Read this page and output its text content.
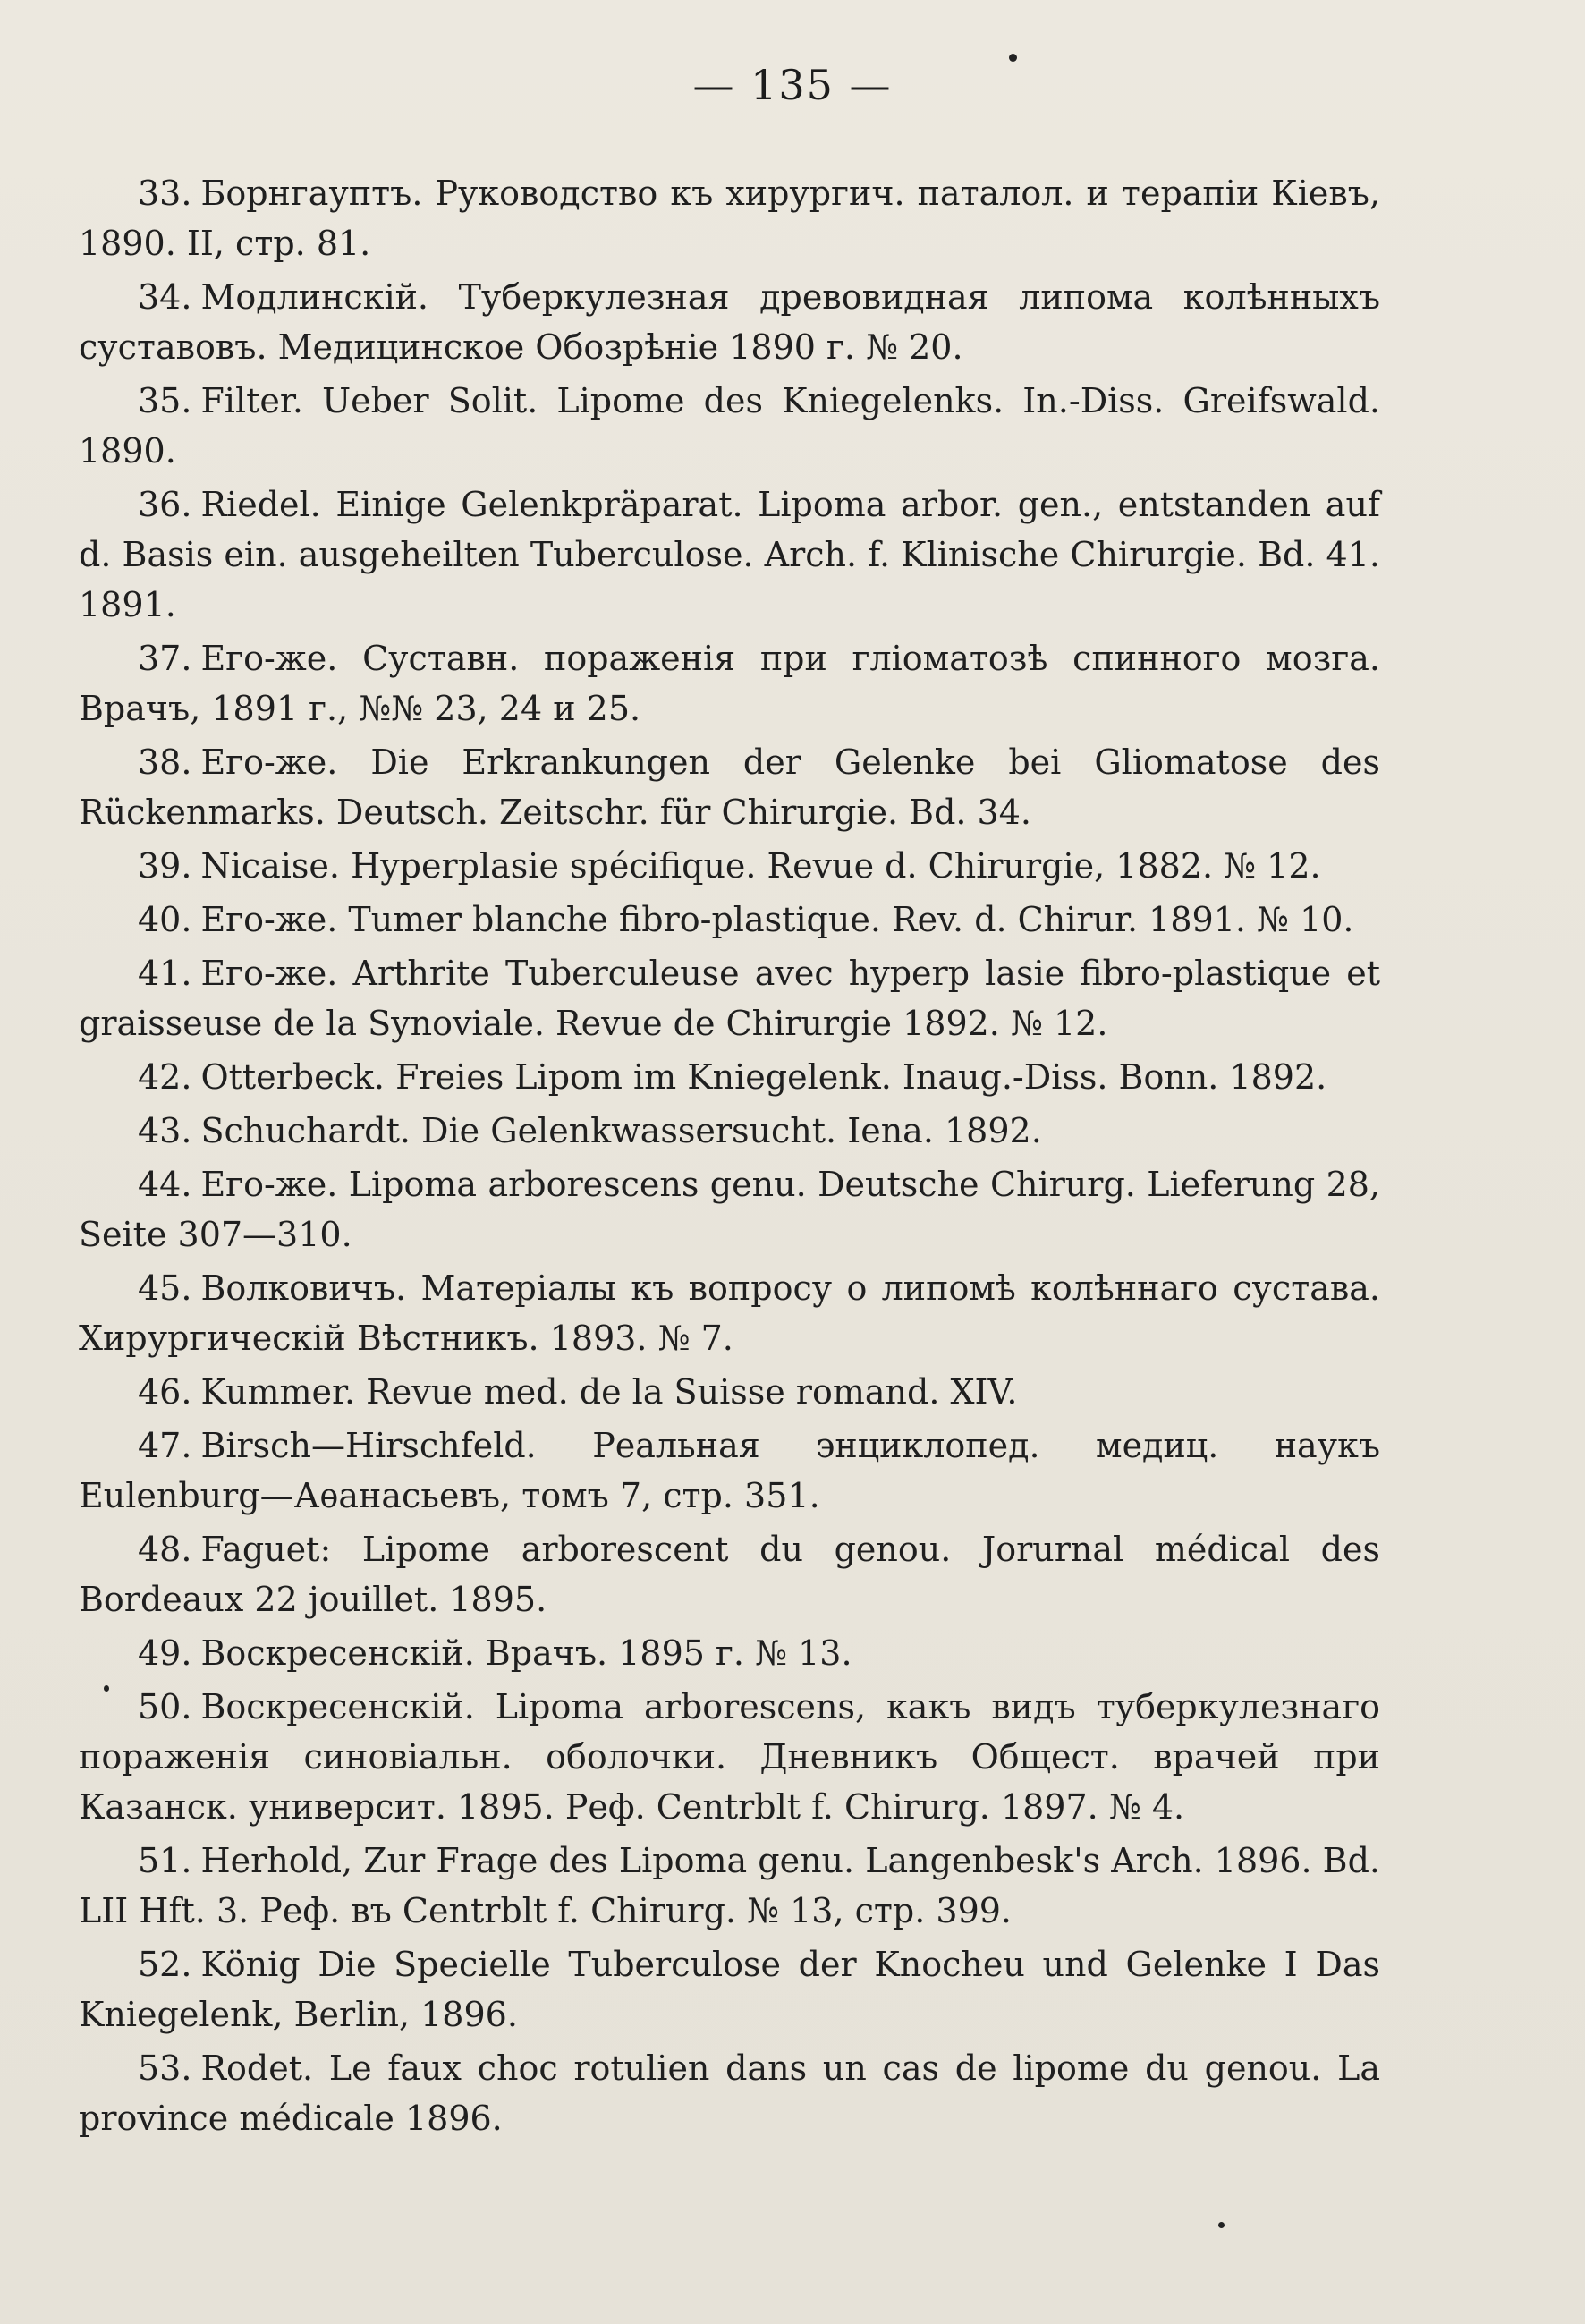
— 135 —
33. Борнгауптъ. Руководство къ хирургич. паталол. и терапіи Кіевъ, 1890. II, стр. 81.
34. Модлинскій. Туберкулезная древовидная липома колѣнныхъ суставовъ. Медицинское Обозрѣніе 1890 г. № 20.
35. Filter. Ueber Solit. Lipome des Kniegelenks. In.-Diss. Greifswald. 1890.
36. Riedel. Einige Gelenkpräparat. Lipoma arbor. gen., entstanden auf d. Basis ein. ausgeheilten Tuberculose. Arch. f. Klinische Chirurgie. Bd. 41. 1891.
37. Его-же. Суставн. пораженія при гліоматозѣ спинного мозга. Врачъ, 1891 г., №№ 23, 24 и 25.
38. Его-же. Die Erkrankungen der Gelenke bei Gliomatose des Rückenmarks. Deutsch. Zeitschr. für Chirurgie. Bd. 34.
39. Nicaise. Hyperplasie spécifique. Revue d. Chirurgie, 1882. № 12.
40. Его-же. Tumer blanche fibro-plastique. Rev. d. Chirur. 1891. № 10.
41. Его-же. Arthrite Tuberculeuse avec hyperp lasie fibro-plastique et graisseuse de la Synoviale. Revue de Chirurgie 1892. № 12.
42. Otterbeck. Freies Lipom im Kniegelenk. Inaug.-Diss. Bonn. 1892.
43. Schuchardt. Die Gelenkwassersucht. Iena. 1892.
44. Его-же. Lipoma arborescens genu. Deutsche Chirurg. Lieferung 28, Seite 307—310.
45. Волковичъ. Матеріалы къ вопросу о липомѣ колѣннаго сустава. Хирургическій Вѣстникъ. 1893. № 7.
46. Kummer. Revue med. de la Suisse romand. XIV.
47. Birsch—Hirschfeld. Реальная энциклопед. медиц. наукъ Eulenburg—Аѳанасьевъ, томъ 7, стр. 351.
48. Faguet: Lipome arborescent du genou. Jorurnal médical des Bordeaux 22 jouillet. 1895.
49. Воскресенскій. Врачъ. 1895 г. № 13.
50. Воскресенскій. Lipoma arborescens, какъ видъ туберкулезнаго пораженія синовіальн. оболочки. Дневникъ Общест. врачей при Казанск. университ. 1895. Реф. Centrblt f. Chirurg. 1897. № 4.
51. Herhold, Zur Frage des Lipoma genu. Langenbesk's Arch. 1896. Bd. LII Hft. 3. Реф. въ Centrblt f. Chirurg. № 13, стр. 399.
52. König Die Specielle Tuberculose der Knocheu und Gelenke I Das Kniegelenk, Berlin, 1896.
53. Rodet. Le faux choc rotulien dans un cas de lipome du genou. La province médicale 1896.
